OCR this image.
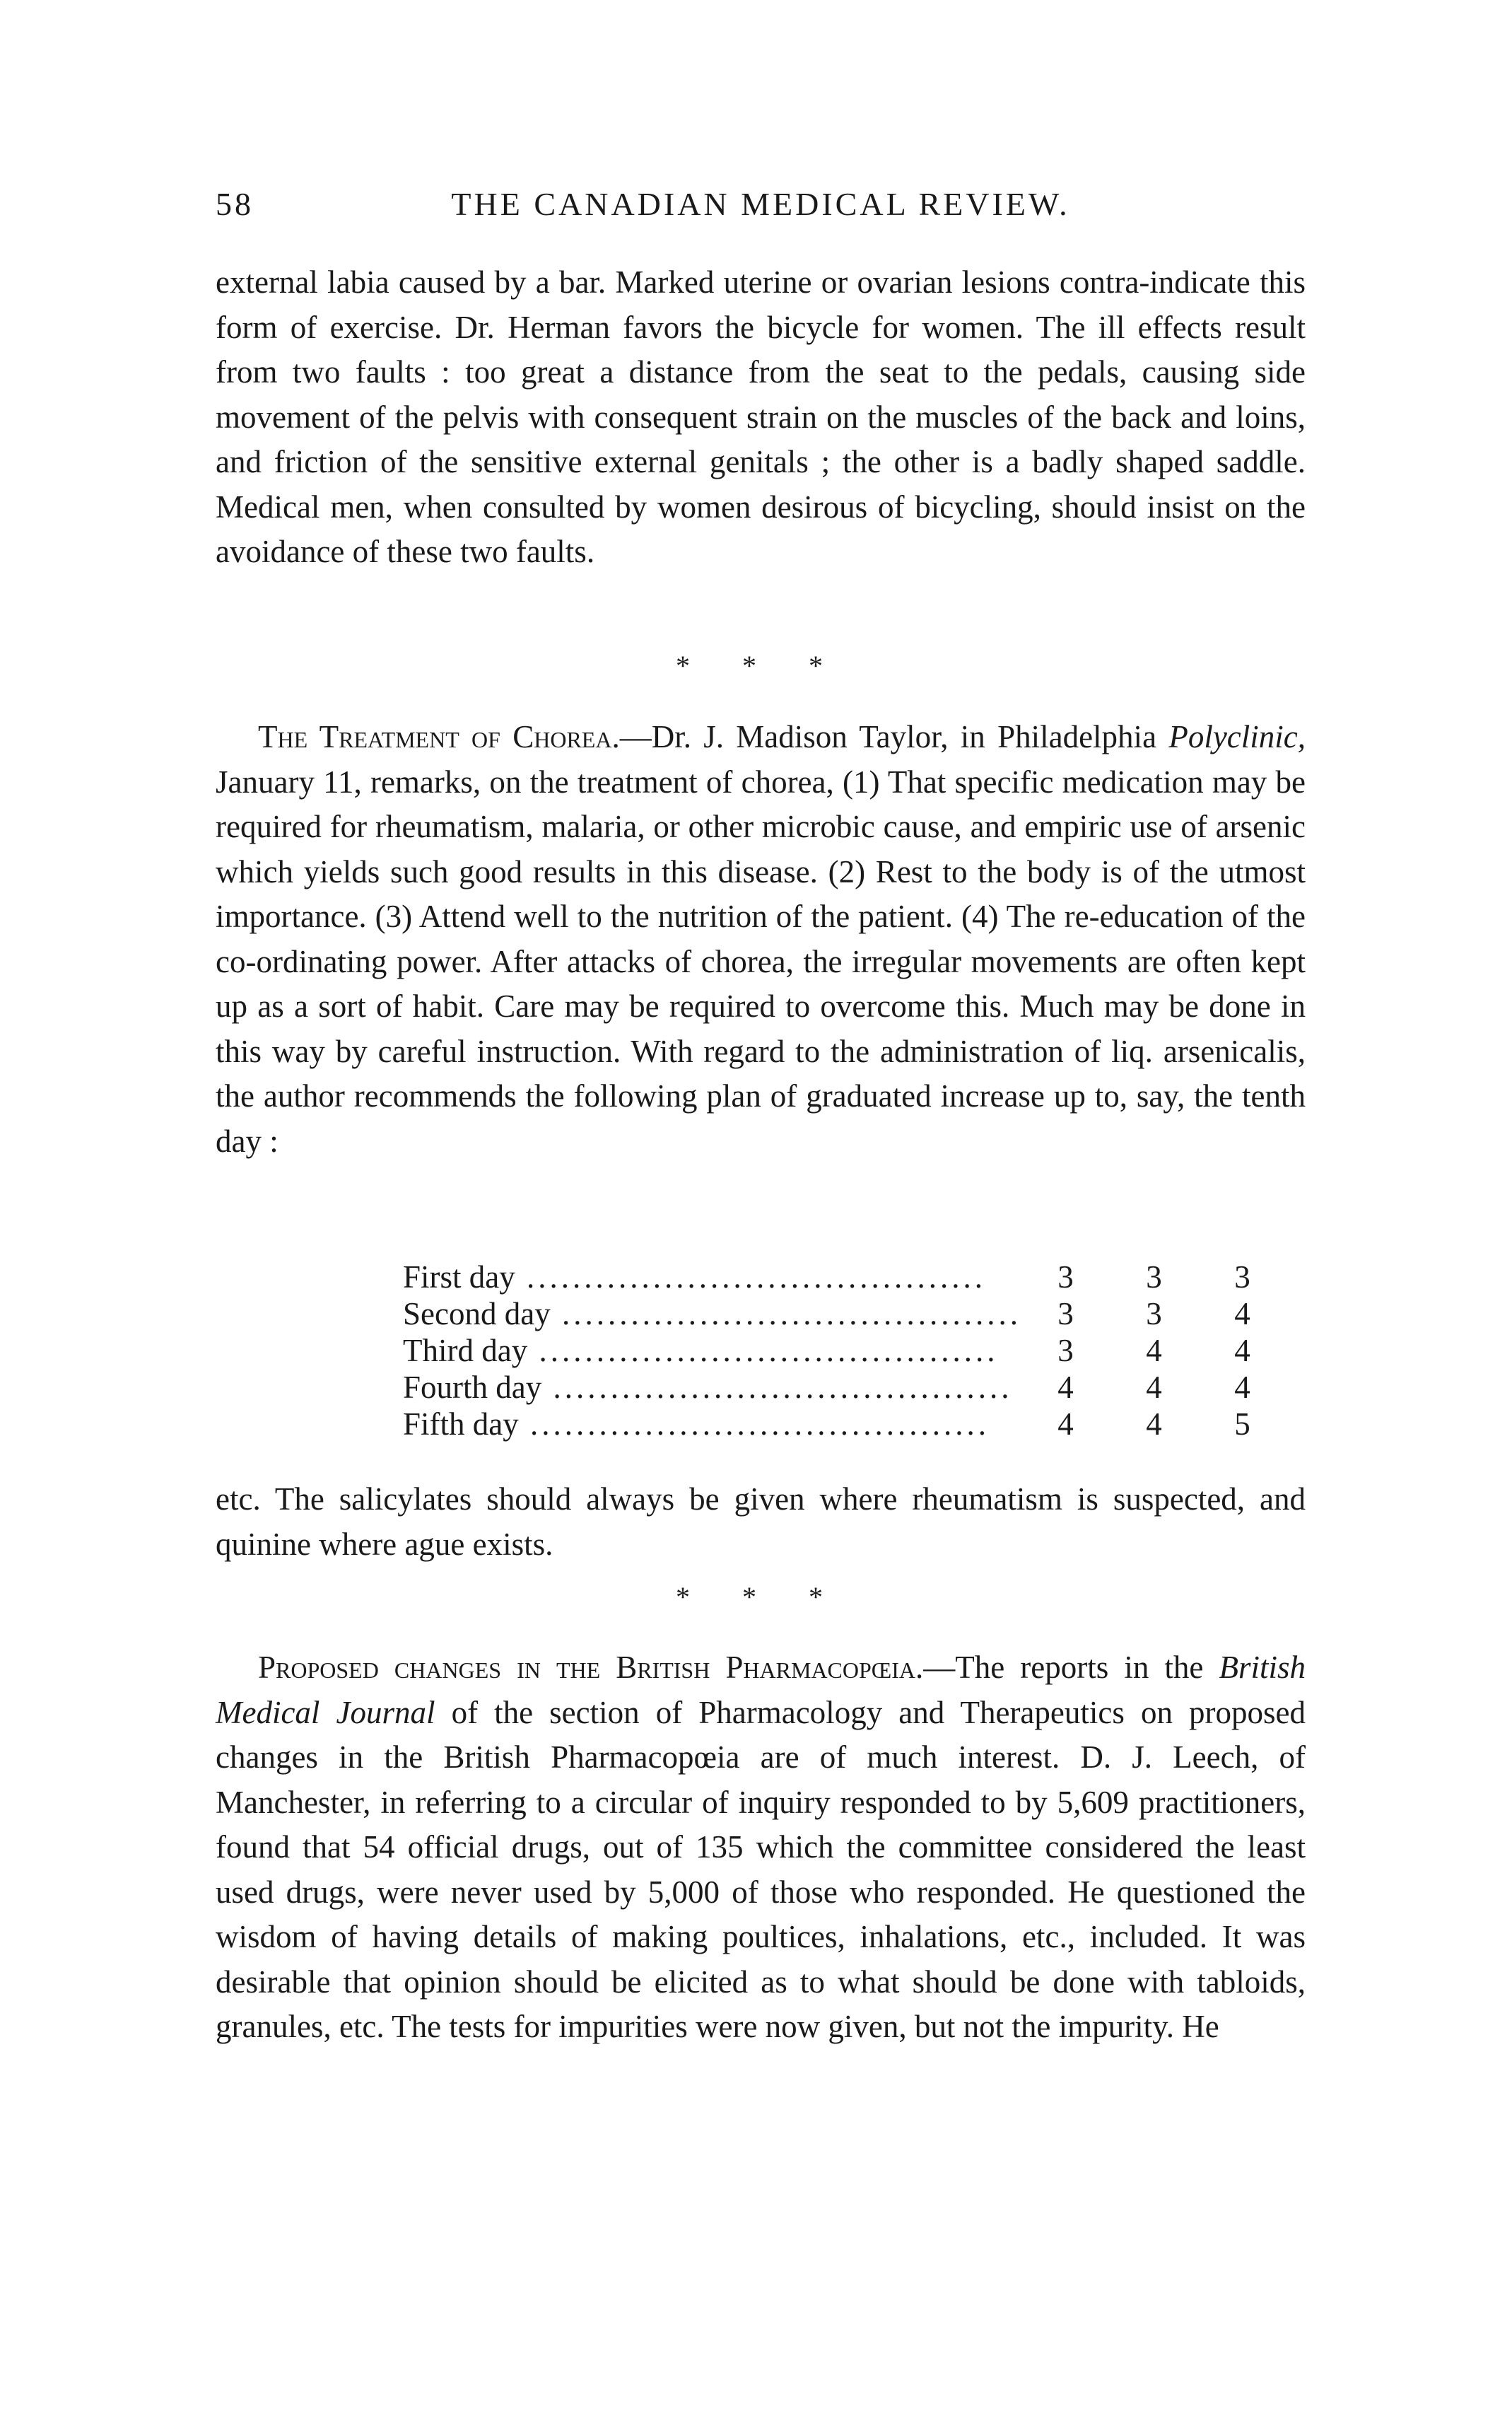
58	THE CANADIAN MEDICAL REVIEW.

external labia caused by a bar. Marked uterine or ovarian lesions contra-indicate this form of exercise. Dr. Herman favors the bicycle for women. The ill effects result from two faults : too great a distance from the seat to the pedals, causing side movement of the pelvis with consequent strain on the muscles of the back and loins, and friction of the sensitive external genitals ; the other is a badly shaped saddle. Medical men, when consulted by women desirous of bicycling, should insist on the avoidance of these two faults.

* * *

The Treatment of Chorea.—Dr. J. Madison Taylor, in Philadelphia Polyclinic, January 11, remarks, on the treatment of chorea, (1) That specific medication may be required for rheumatism, malaria, or other microbic cause, and empiric use of arsenic which yields such good results in this disease. (2) Rest to the body is of the utmost importance. (3) Attend well to the nutrition of the patient. (4) The re-education of the co-ordinating power. After attacks of chorea, the irregular movements are often kept up as a sort of habit. Care may be required to overcome this. Much may be done in this way by careful instruction. With regard to the administration of liq. arsenicalis, the author recommends the following plan of graduated increase up to, say, the tenth day :

First day ........................................	3	3	3
Second day ........................................	3	3	4
Third day ........................................	3	4	4
Fourth day ........................................	4	4	4
Fifth day ........................................	4	4	5

etc. The salicylates should always be given where rheumatism is suspected, and quinine where ague exists.

* * *

Proposed changes in the British Pharmacopœia.—The reports in the British Medical Journal of the section of Pharmacology and Therapeutics on proposed changes in the British Pharmacopœia are of much interest. D. J. Leech, of Manchester, in referring to a circular of inquiry responded to by 5,609 practitioners, found that 54 official drugs, out of 135 which the committee considered the least used drugs, were never used by 5,000 of those who responded. He questioned the wisdom of having details of making poultices, inhalations, etc., included. It was desirable that opinion should be elicited as to what should be done with tabloids, granules, etc. The tests for impurities were now given, but not the impurity. He
